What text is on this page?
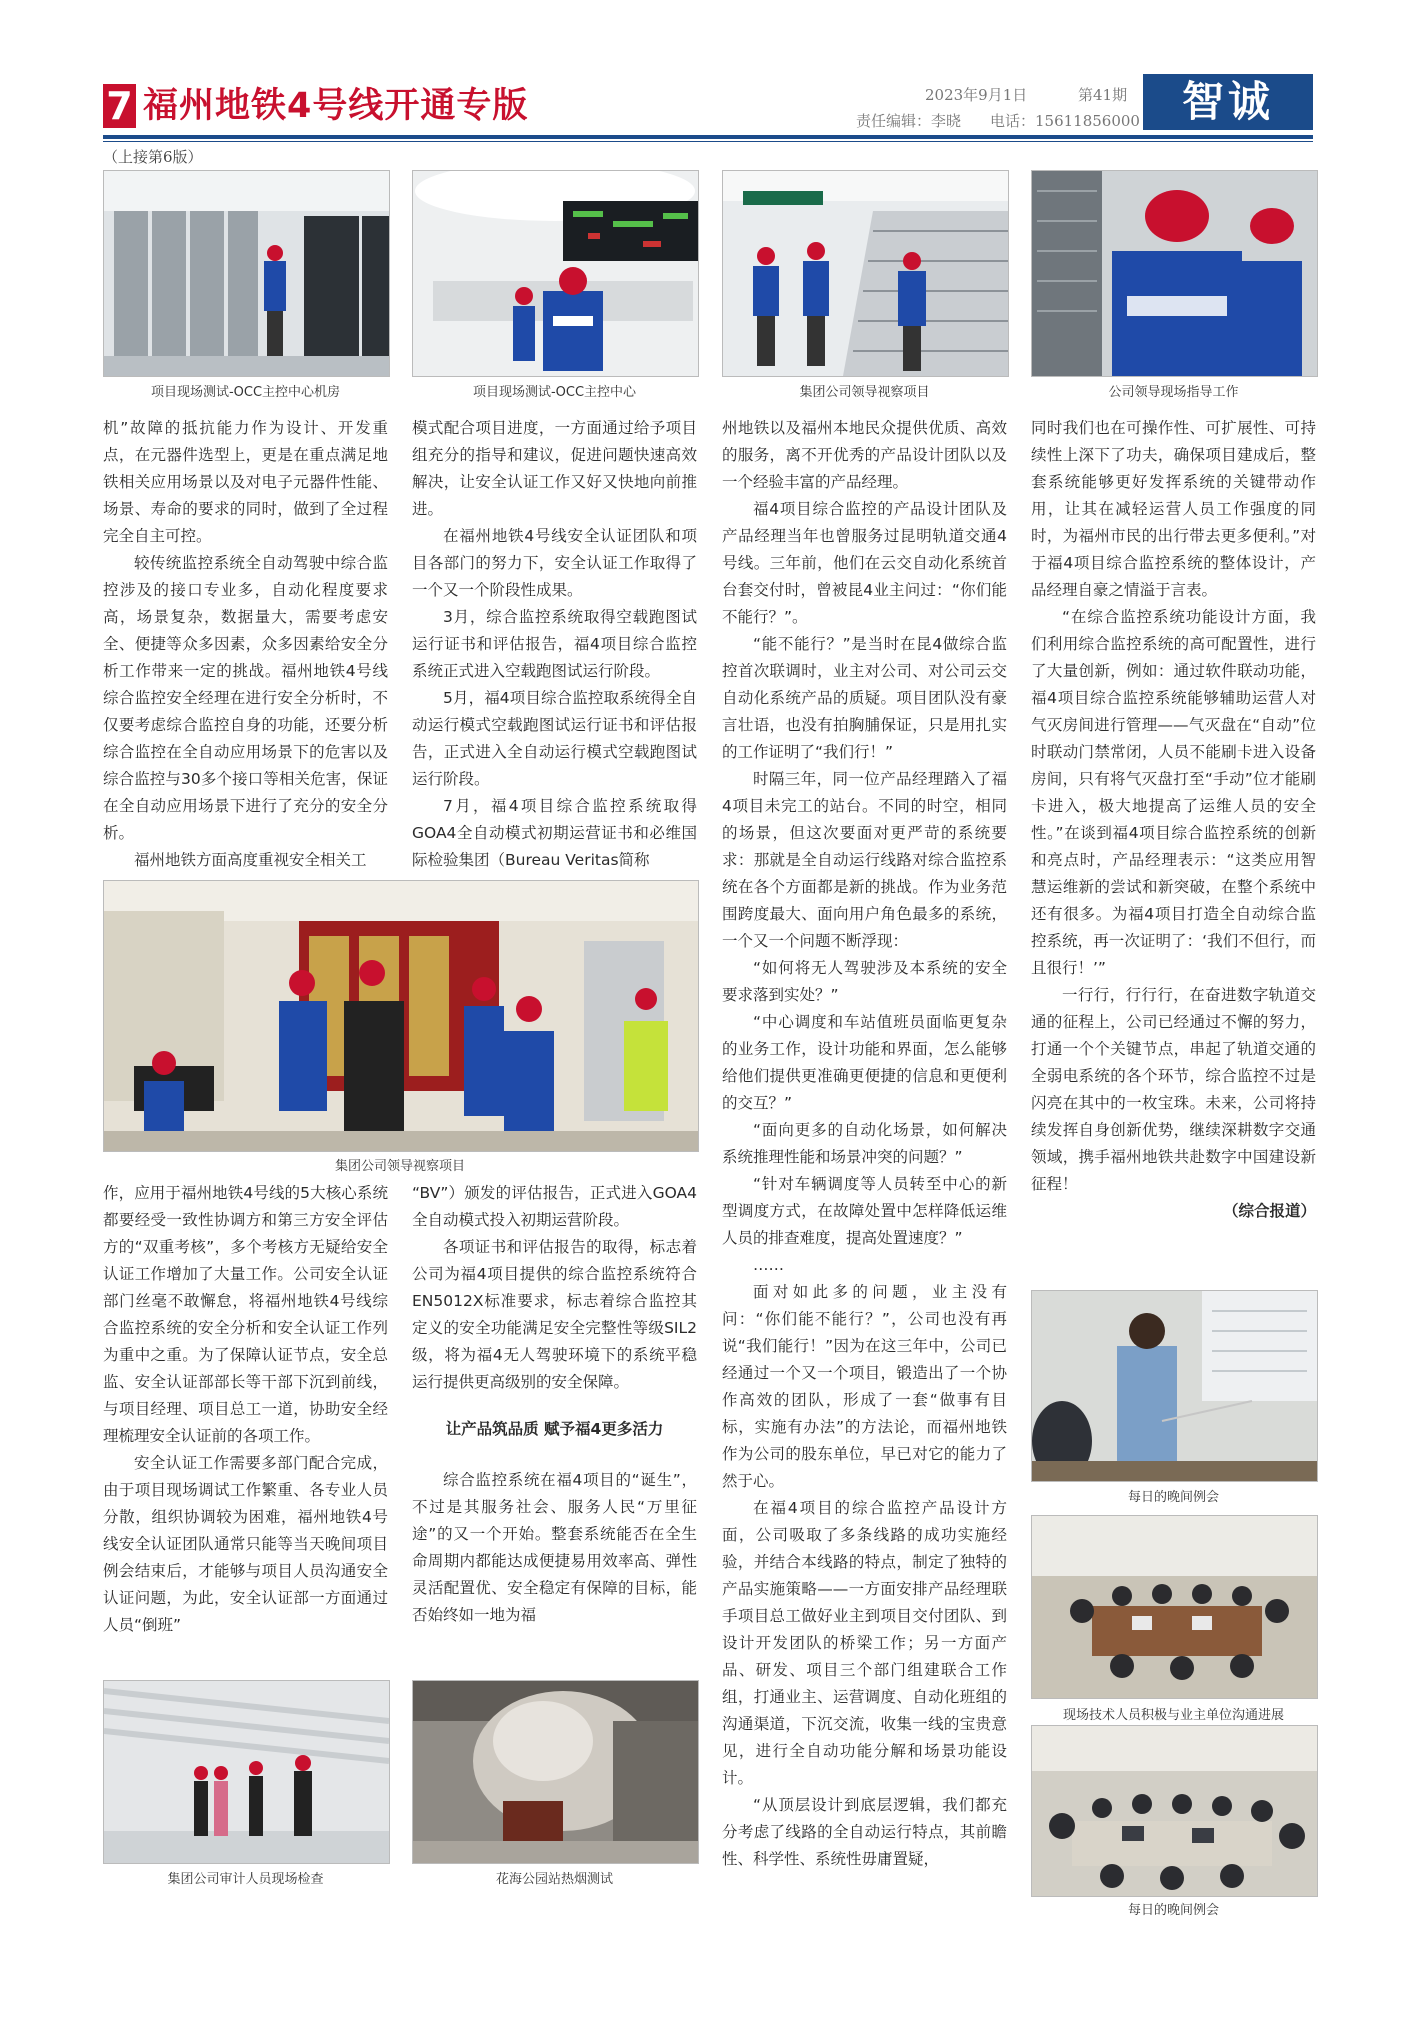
7 福州地铁4号线开通专版	2023年9月1日	第41期
责任编辑：李晓 电话：15611856000	智诚
（上接第6版）
项目现场测试-OCC主控中心机房	项目现场测试-OCC主控中心	集团公司领导视察项目	公司领导现场指导工作

机”故障的抵抗能力作为设计、开发重点，在元器件选型上，更是在重点满足地铁相关应用场景以及对电子元器件性能、场景、寿命的要求的同时，做到了全过程完全自主可控。

较传统监控系统全自动驾驶中综合监控涉及的接口专业多，自动化程度要求高，场景复杂，数据量大，需要考虑安全、便捷等众多因素，众多因素给安全分析工作带来一定的挑战。福州地铁4号线综合监控安全经理在进行安全分析时，不仅要考虑综合监控自身的功能，还要分析综合监控在全自动应用场景下的危害以及综合监控与30多个接口等相关危害，保证在全自动应用场景下进行了充分的安全分析。

福州地铁方面高度重视安全相关工

模式配合项目进度，一方面通过给予项目组充分的指导和建议，促进问题快速高效解决，让安全认证工作又好又快地向前推进。

在福州地铁4号线安全认证团队和项目各部门的努力下，安全认证工作取得了一个又一个阶段性成果。

3月，综合监控系统取得空载跑图试运行证书和评估报告，福4项目综合监控系统正式进入空载跑图试运行阶段。

5月，福4项目综合监控取系统得全自动运行模式空载跑图试运行证书和评估报告，正式进入全自动运行模式空载跑图试运行阶段。

7月，福4项目综合监控系统取得GOA4全自动模式初期运营证书和必维国际检验集团（Bureau Veritas简称

集团公司领导视察项目

作，应用于福州地铁4号线的5大核心系统都要经受一致性协调方和第三方安全评估方的“双重考核”，多个考核方无疑给安全认证工作增加了大量工作。公司安全认证部门丝毫不敢懈怠，将福州地铁4号线综合监控系统的安全分析和安全认证工作列为重中之重。为了保障认证节点，安全总监、安全认证部部长等干部下沉到前线，与项目经理、项目总工一道，协助安全经理梳理安全认证前的各项工作。

安全认证工作需要多部门配合完成，由于项目现场调试工作繁重、各专业人员分散，组织协调较为困难，福州地铁4号线安全认证团队通常只能等当天晚间项目例会结束后，才能够与项目人员沟通安全认证问题，为此，安全认证部一方面通过人员“倒班”

“BV”）颁发的评估报告，正式进入GOA4全自动模式投入初期运营阶段。

各项证书和评估报告的取得，标志着公司为福4项目提供的综合监控系统符合EN5012X标准要求，标志着综合监控其定义的安全功能满足安全完整性等级SIL2级，将为福4无人驾驶环境下的系统平稳运行提供更高级别的安全保障。

让产品筑品质 赋予福4更多活力

综合监控系统在福4项目的“诞生”，不过是其服务社会、服务人民“万里征途”的又一个开始。整套系统能否在全生命周期内都能达成便捷易用效率高、弹性灵活配置优、安全稳定有保障的目标，能否始终如一地为福

集团公司审计人员现场检查	花海公园站热烟测试

州地铁以及福州本地民众提供优质、高效的服务，离不开优秀的产品设计团队以及一个经验丰富的产品经理。

福4项目综合监控的产品设计团队及产品经理当年也曾服务过昆明轨道交通4号线。三年前，他们在云交自动化系统首台套交付时，曾被昆4业主问过：“你们能不能行？”。

“能不能行？”是当时在昆4做综合监控首次联调时，业主对公司、对公司云交自动化系统产品的质疑。项目团队没有豪言壮语，也没有拍胸脯保证，只是用扎实的工作证明了“我们行！”

时隔三年，同一位产品经理踏入了福4项目未完工的站台。不同的时空，相同的场景，但这次要面对更严苛的系统要求：那就是全自动运行线路对综合监控系统在各个方面都是新的挑战。作为业务范围跨度最大、面向用户角色最多的系统，一个又一个问题不断浮现：

“如何将无人驾驶涉及本系统的安全要求落到实处？”

“中心调度和车站值班员面临更复杂的业务工作，设计功能和界面，怎么能够给他们提供更准确更便捷的信息和更便利的交互？”

“面向更多的自动化场景，如何解决系统推理性能和场景冲突的问题？”

“针对车辆调度等人员转至中心的新型调度方式，在故障处置中怎样降低运维人员的排查难度，提高处置速度？”

……

面对如此多的问题，业主没有问：“你们能不能行？”，公司也没有再说“我们能行！”因为在这三年中，公司已经通过一个又一个项目，锻造出了一个协作高效的团队，形成了一套“做事有目标，实施有办法”的方法论，而福州地铁作为公司的股东单位，早已对它的能力了然于心。

在福4项目的综合监控产品设计方面，公司吸取了多条线路的成功实施经验，并结合本线路的特点，制定了独特的产品实施策略——一方面安排产品经理联手项目总工做好业主到项目交付团队、到设计开发团队的桥梁工作；另一方面产品、研发、项目三个部门组建联合工作组，打通业主、运营调度、自动化班组的沟通渠道，下沉交流，收集一线的宝贵意见，进行全自动功能分解和场景功能设计。

“从顶层设计到底层逻辑，我们都充分考虑了线路的全自动运行特点，其前瞻性、科学性、系统性毋庸置疑，

同时我们也在可操作性、可扩展性、可持续性上深下了功夫，确保项目建成后，整套系统能够更好发挥系统的关键带动作用，让其在减轻运营人员工作强度的同时，为福州市民的出行带去更多便利。”对于福4项目综合监控系统的整体设计，产品经理自豪之情溢于言表。

“在综合监控系统功能设计方面，我们利用综合监控系统的高可配置性，进行了大量创新，例如：通过软件联动功能，福4项目综合监控系统能够辅助运营人对气灭房间进行管理——气灭盘在“自动”位时联动门禁常闭，人员不能刷卡进入设备房间，只有将气灭盘打至“手动”位才能刷卡进入，极大地提高了运维人员的安全性。”在谈到福4项目综合监控系统的创新和亮点时，产品经理表示：“这类应用智慧运维新的尝试和新突破，在整个系统中还有很多。为福4项目打造全自动综合监控系统，再一次证明了：‘我们不但行，而且很行！’”

一行行，行行行，在奋进数字轨道交通的征程上，公司已经通过不懈的努力，打通一个个关键节点，串起了轨道交通的全弱电系统的各个环节，综合监控不过是闪亮在其中的一枚宝珠。未来，公司将持续发挥自身创新优势，继续深耕数字交通领域，携手福州地铁共赴数字中国建设新征程！

（综合报道）

每日的晚间例会
现场技术人员积极与业主单位沟通进展
每日的晚间例会
